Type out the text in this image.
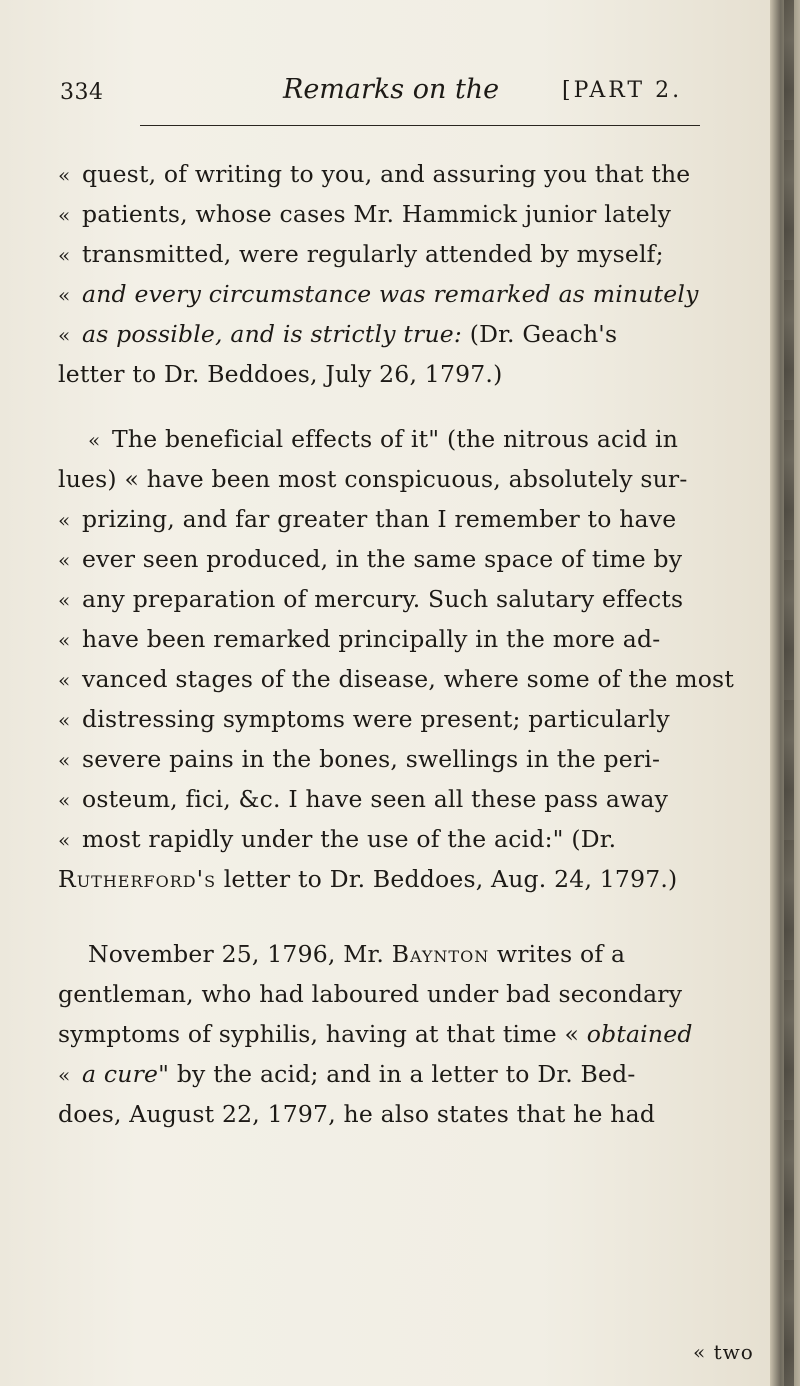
334	Remarks on the	[PART 2.
« quest, of writing to you, and assuring you that the
« patients, whose cases Mr. Hammick junior lately
« transmitted, were regularly attended by myself;
« and every circumstance was remarked as minutely
« as possible, and is strictly true: (Dr. Geach's
letter to Dr. Beddoes, July 26, 1797.)
« The beneficial effects of it" (the nitrous acid in
lues) « have been most conspicuous, absolutely sur-
« prizing, and far greater than I remember to have
« ever seen produced, in the same space of time by
« any preparation of mercury. Such salutary effects
« have been remarked principally in the more ad-
« vanced stages of the disease, where some of the most
« distressing symptoms were present; particularly
« severe pains in the bones, swellings in the peri-
« osteum, fici, &c. I have seen all these pass away
« most rapidly under the use of the acid:" (Dr.
Rutherford's letter to Dr. Beddoes, Aug. 24, 1797.)
November 25, 1796, Mr. Baynton writes of a
gentleman, who had laboured under bad secondary
symptoms of syphilis, having at that time « obtained
« a cure" by the acid; and in a letter to Dr. Bed-
does, August 22, 1797, he also states that he had
« two
